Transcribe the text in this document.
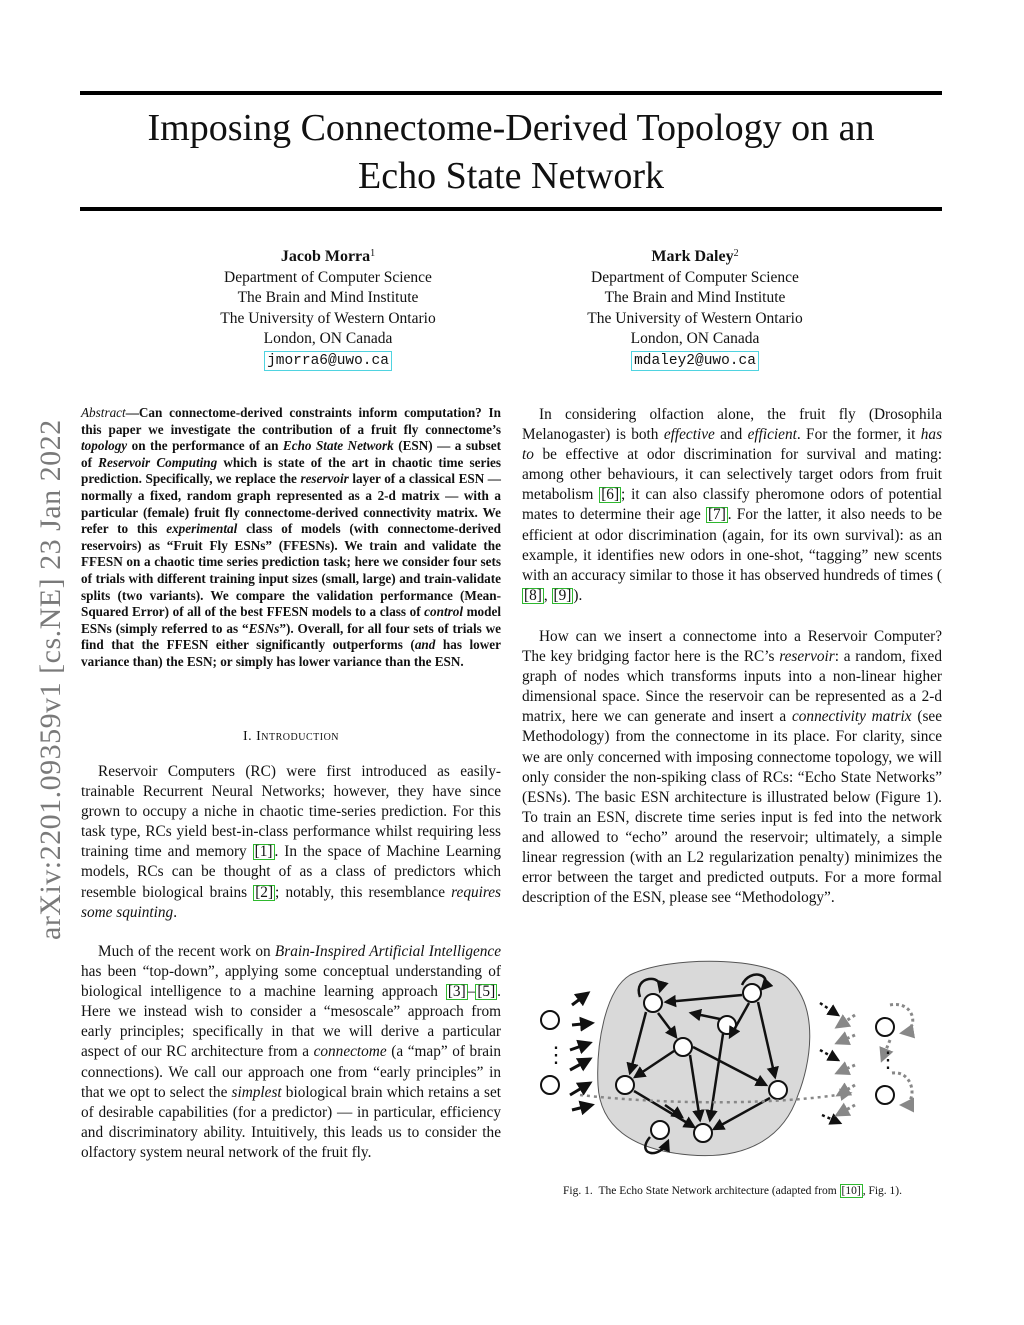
Imposing Connectome-Derived Topology on an
Echo State Network
Jacob Morra$^1$
Department of Computer Science
The Brain and Mind Institute
The University of Western Ontario
London, ON Canada
jmorra6@uwo.ca
Mark Daley$^2$
Department of Computer Science
The Brain and Mind Institute
The University of Western Ontario
London, ON Canada
mdaley2@uwo.ca
arXiv:2201.09359v1 [cs.NE] 23 Jan 2022
Abstract—Can connectome-derived constraints inform computation? In this paper we investigate the contribution of a fruit fly connectome’s topology on the performance of an Echo State Network (ESN) — a subset of Reservoir Computing which is state of the art in chaotic time series prediction. Specifically, we replace the reservoir layer of a classical ESN — normally a fixed, random graph represented as a 2-d matrix — with a particular (female) fruit fly connectome-derived connectivity matrix. We refer to this experimental class of models (with connectome-derived reservoirs) as “Fruit Fly ESNs” (FFESNs). We train and validate the FFESN on a chaotic time series prediction task; here we consider four sets of trials with different training input sizes (small, large) and train-validate splits (two variants). We compare the validation performance (Mean-Squared Error) of all of the best FFESN models to a class of control model ESNs (simply referred to as “ESNs”). Overall, for all four sets of trials we find that the FFESN either significantly outperforms (and has lower variance than) the ESN; or simply has lower variance than the ESN.
I. Introduction

Reservoir Computers (RC) were first introduced as easily-trainable Recurrent Neural Networks; however, they have since grown to occupy a niche in chaotic time-series prediction. For this task type, RCs yield best-in-class performance whilst requiring less training time and memory [1] . In the space of Machine Learning models, RCs can be thought of as a class of predictors which resemble biological brains [2] ; notably, this resemblance requires some squinting.

Much of the recent work on Brain-Inspired Artificial Intelligence has been “top-down”, applying some conceptual understanding of biological intelligence to a machine learning approach [3] – [5] . Here we instead wish to consider a “mesoscale” approach from early principles; specifically in that we will derive a particular aspect of our RC architecture from a connectome (a “map” of brain connections). We call our approach one from “early principles” in that we opt to select the simplest biological brain which retains a set of desirable capabilities (for a predictor) — in particular, efficiency and discriminatory ability. Intuitively, this leads us to consider the olfactory system neural network of the fruit fly.

In considering olfaction alone, the fruit fly (Drosophila Melanogaster) is both effective and efficient. For the former, it has to be effective at odor discrimination for survival and mating: among other behaviours, it can selectively target odors from fruit metabolism [6] ; it can also classify pheromone odors of potential mates to determine their age [7] . For the latter, it also needs to be efficient at odor discrimination (again, for its own survival): as an example, it identifies new odors in one-shot, “tagging” new scents with an accuracy similar to those it has observed hundreds of times ( [8] , [9] ).

How can we insert a connectome into a Reservoir Computer? The key bridging factor here is the RC’s reservoir: a random, fixed graph of nodes which transforms inputs into a non-linear higher dimensional space. Since the reservoir can be represented as a 2-d matrix, here we can generate and insert a connectivity matrix (see Methodology) from the connectome in its place. For clarity, since we are only concerned with imposing connectome topology, we will only consider the non-spiking class of RCs: “Echo State Networks” (ESNs). The basic ESN architecture is illustrated below (Figure 1). To train an ESN, discrete time series input is fed into the network and allowed to “echo” around the reservoir; ultimately, a simple linear regression (with an L2 regularization penalty) minimizes the error between the target and predicted outputs. For a more formal description of the ESN, please see “Methodology”.

⋮	⋮
Fig. 1. The Echo State Network architecture (adapted from [10] , Fig. 1).
